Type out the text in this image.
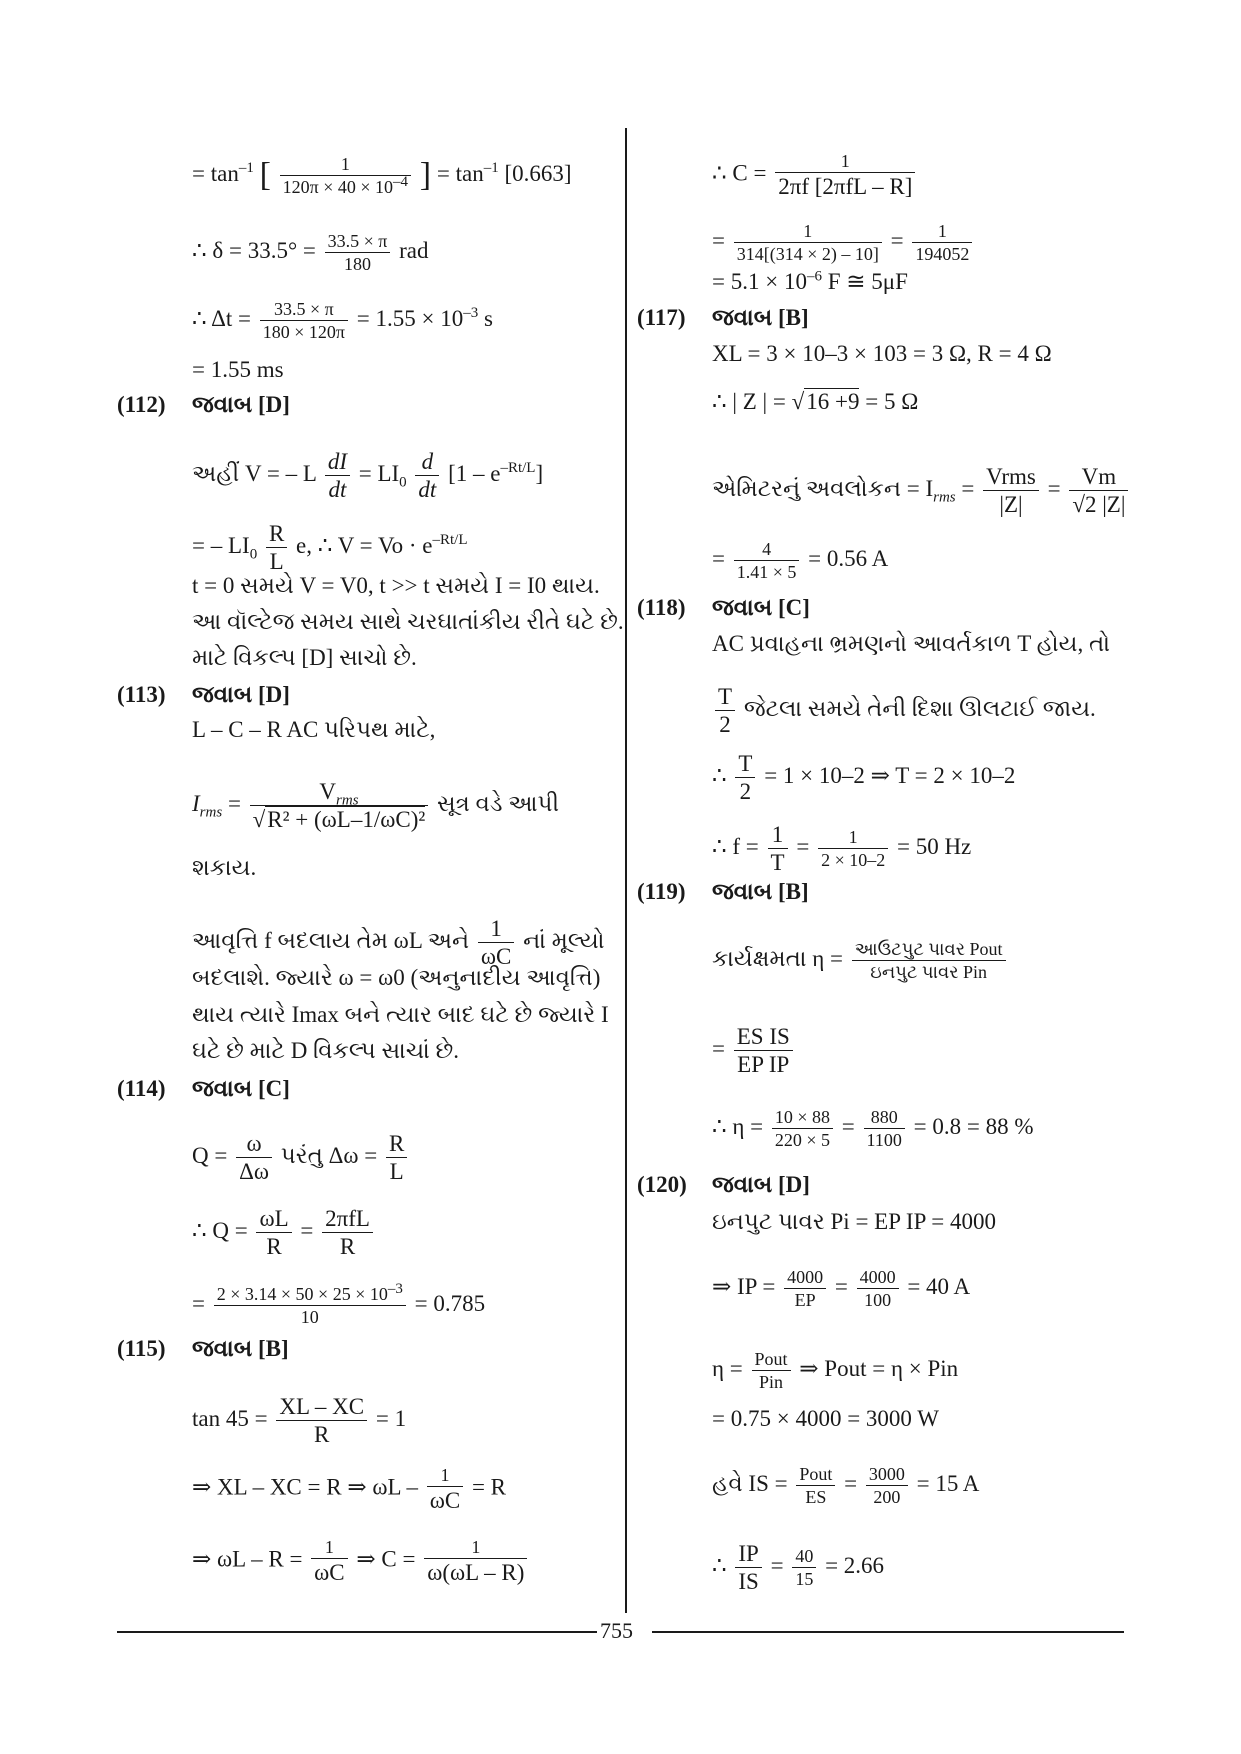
= $\tan^{-1}$ [ $\frac{1}{120\pi \times 40 \times 10^{-4}}$ ] = $\tan^{-1} [0.663]$
∴ $\delta = 33.5^\circ = \frac{33.5 \times \pi}{180}$ rad
∴ $\Delta t = \frac{33.5 \times \pi}{180 \times 120\pi} = 1.55 \times 10^{-3}$ s
= 1.55 ms
(112) જવાબ [D]
અહીં V = – L $\frac{dI}{dt} = LI_0 \frac{d}{dt} [1 - e^{-Rt/L}]$
= – $LI_0 \frac{R}{L} e$, ∴ $V = Vo \cdot e^{-Rt/L}$
t = 0 સમયે V = V0, t >> t સમયે I = I0 થાય.
આ વૉલ્ટેજ સમય સાથે ચરઘાતાંકીય રીતે ઘટે છે.
માટે વિકલ્પ [D] સાચો છે.
(113) જવાબ [D]
L – C – R AC પરિપથ માટે,
$I_{rms} = \frac{V_{rms}}{\text{√R² + (ωL–1/ωC)²}}$ સૂત્ર વડે આપી
શકાય.
આવૃત્તિ f બદલાય તેમ ωL અને $\frac{1}{\omega C}$ નાં મૂલ્યો
બદલાશે. જ્યારે ω = ω0 (અનુનાદીય આવૃત્તિ)
થાય ત્યારે Imax બને ત્યાર બાદ ઘટે છે જ્યારે I
ઘટે છે માટે D વિકલ્પ સાચાં છે.
(114) જવાબ [C]
$Q = \frac{\omega}{\Delta\omega}$ પરંતુ $\Delta\omega = \frac{R}{L}$
∴ $Q = \frac{\omega L}{R} = \frac{\text{2πfL}}{R}$
= $\frac{2 \times 3.14 \times 50 \times 25 \times 10^{-3}}{10} = 0.785$
(115) જવાબ [B]
$\tan 45 = \frac{XL - XC}{R} = 1$
⇒ XL – XC = R ⇒ $\omega L - \frac{1}{\omega C} = R$
⇒ $\omega L - R = \frac{1}{\omega C}$ ⇒ $C = \frac{1}{\omega(\omega L - R)}$
∴ $C = \frac{1}{\text{2πf [2πfL – R]}}$
= $\frac{1}{314[(314 \times 2) - 10]} = \frac{1}{194052}$
= $5.1 \times 10^{-6}$ F ≅ 5μF
(117) જવાબ [B]
XL = 3 × 10–3 × 103 = 3 Ω, R = 4 Ω
∴ | Z | = √16 +9 = 5 Ω
એમિટરનું અવલોકન = $I_{rms} = \frac{\text{Vrms}}{|Z|} = \frac{Vm}{√2 |Z|}$
= $\frac{4}{1.41 \times 5} = 0.56$ A
(118) જવાબ [C]
AC પ્રવાહના ભ્રમણનો આવર્તકાળ T હોય, તો
$\frac{T}{2}$ જેટલા સમયે તેની દિશા ઊલટાઈ જાય.
∴ $\frac{T}{2} = 1 \times 10-2$ ⇒ T = 2 × 10–2
∴ $f = \frac{1}{T} = \frac{1}{2 \times 10-2} = 50$ Hz
(119) જવાબ [B]
કાર્યક્ષમતા $\eta = \frac{\text{આઉટપુટ પાવર Pout}}{\text{ઇનપુટ પાવર Pin}}$
= $\frac{\text{ES IS}}{\text{EP IP}}$
∴ $\eta = \frac{10 \times 88}{220 \times 5} = \frac{880}{1100} = 0.8 = 88$ %
(120) જવાબ [D]
ઇનપુટ પાવર Pi = EP IP = 4000
⇒ IP = $\frac{4000}{EP} = \frac{4000}{100} = 40$ A
$\eta = \frac{\text{Pout}}{\text{Pin}}$ ⇒ Pout = η × Pin
= 0.75 × 4000 = 3000 W
હવે IS = $\frac{\text{Pout}}{ES} = \frac{3000}{200} = 15$ A
∴ $\frac{IP}{IS} = \frac{40}{15} = 2.66$
755
